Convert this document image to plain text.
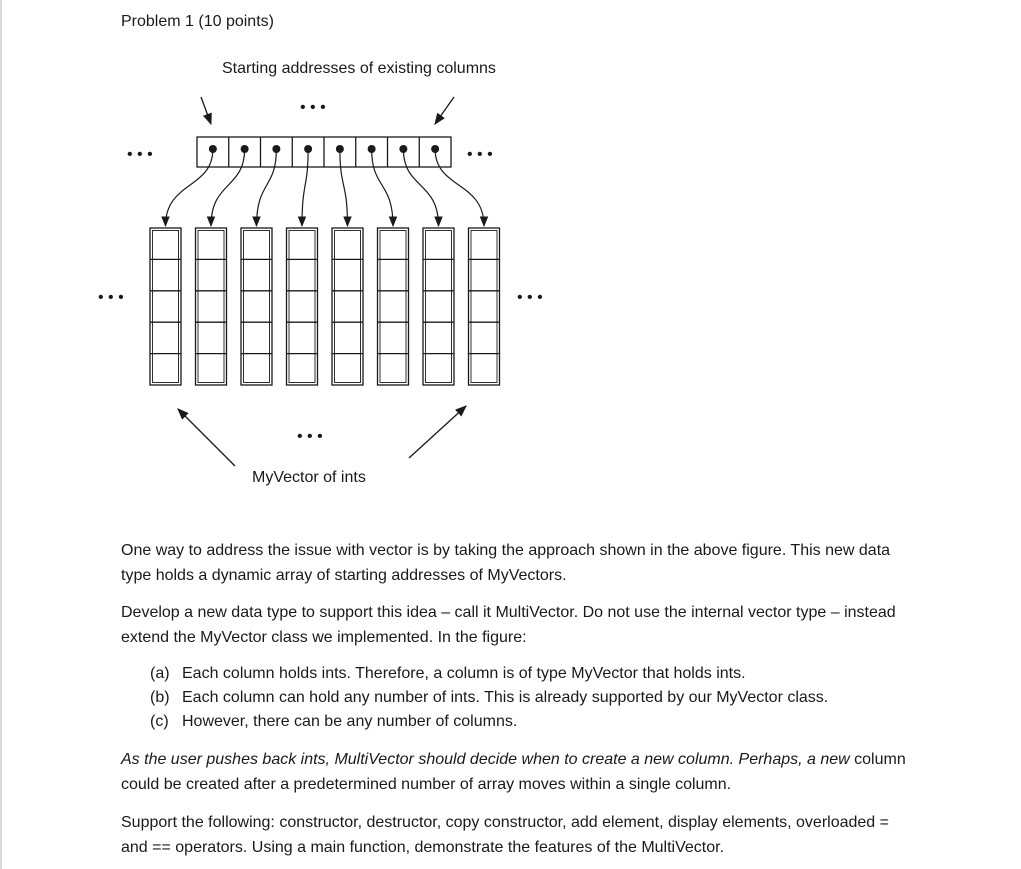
Problem 1 (10 points)
Starting addresses of existing columns
• • •
• • •	• • •
• • •	• • •
• • •
MyVector of ints

One way to address the issue with vector is by taking the approach shown in the above figure. This new data type holds a dynamic array of starting addresses of MyVectors.

Develop a new data type to support this idea – call it MultiVector. Do not use the internal vector type – instead extend the MyVector class we implemented. In the figure:

(a) Each column holds ints. Therefore, a column is of type MyVector that holds ints.
(b) Each column can hold any number of ints. This is already supported by our MyVector class.
(c) However, there can be any number of columns.

As the user pushes back ints, MultiVector should decide when to create a new column. Perhaps, a new column could be created after a predetermined number of array moves within a single column.

Support the following: constructor, destructor, copy constructor, add element, display elements, overloaded = and == operators. Using a main function, demonstrate the features of the MultiVector.
